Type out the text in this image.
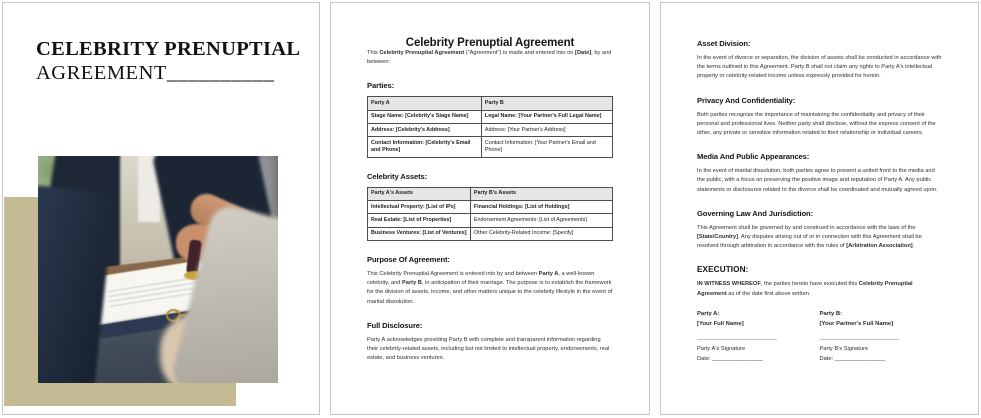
CELEBRITY PRENUPTIAL
AGREEMENT__________
Celebrity Prenuptial Agreement

This Celebrity Prenuptial Agreement ("Agreement") is made and entered into on [Date], by and between:

Parties:
Party A	Party B
Stage Name: [Celebrity's Stage Name]	Legal Name: [Your Partner's Full Legal Name]
Address: [Celebrity's Address]	Address: [Your Partner's Address]
Contact Information: [Celebrity's Email and Phone]	Contact Information: [Your Partner's Email and Phone]
Celebrity Assets:
Party A's Assets	Party B's Assets
Intellectual Property: [List of IPs]	Financial Holdings: [List of Holdings]
Real Estate: [List of Properties]	Endorsement Agreements: [List of Agreements]
Business Ventures: [List of Ventures]	Other Celebrity-Related Income: [Specify]
Purpose Of Agreement:

This Celebrity Prenuptial Agreement is entered into by and between Party A, a well-known celebrity, and Party B, in anticipation of their marriage. The purpose is to establish the framework for the division of assets, income, and other matters unique to the celebrity lifestyle in the event of marital dissolution.

Full Disclosure:

Party A acknowledges providing Party B with complete and transparent information regarding their celebrity-related assets, including but not limited to intellectual property, endorsements, real estate, and business ventures.

Asset Division:

In the event of divorce or separation, the division of assets shall be conducted in accordance with the terms outlined in this Agreement. Party B shall not claim any rights to Party A's intellectual property or celebrity-related income unless expressly provided for herein.

Privacy And Confidentiality:

Both parties recognize the importance of maintaining the confidentiality and privacy of their personal and professional lives. Neither party shall disclose, without the express consent of the other, any private or sensitive information related to their relationship or individual careers.

Media And Public Appearances:

In the event of marital dissolution, both parties agree to present a united front to the media and the public, with a focus on preserving the positive image and reputation of Party A. Any public statements or disclosures related to the divorce shall be coordinated and mutually agreed upon.

Governing Law And Jurisdiction:

This Agreement shall be governed by and construed in accordance with the laws of the [State/Country]. Any disputes arising out of or in connection with this Agreement shall be resolved through arbitration in accordance with the rules of [Arbitration Association].

EXECUTION:

IN WITNESS WHEREOF, the parties hereto have executed this Celebrity Prenuptial Agreement as of the date first above written.

Party A:

[Your Full Name]

_______________________

Party A's Signature

Date: ________________

Party B:

[Your Partner's Full Name]

_______________________

Party B's Signature

Date: ________________
